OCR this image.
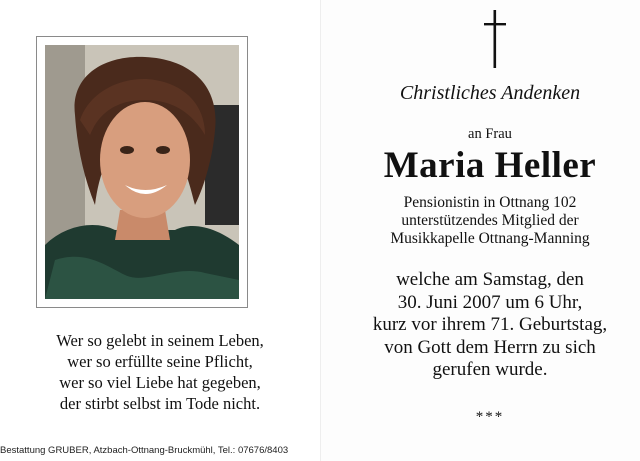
Wer so gelebt in seinem Leben,
wer so erfüllte seine Pflicht,
wer so viel Liebe hat gegeben,
der stirbt selbst im Tode nicht.
Bestattung GRUBER, Atzbach-Ottnang-Bruckmühl, Tel.: 07676/8403
Christliches Andenken
an Frau
Maria Heller
Pensionistin in Ottnang 102
unterstützendes Mitglied der
Musikkapelle Ottnang-Manning
welche am Samstag, den
30. Juni 2007 um 6 Uhr,
kurz vor ihrem 71. Geburtstag,
von Gott dem Herrn zu sich
gerufen wurde.
***
